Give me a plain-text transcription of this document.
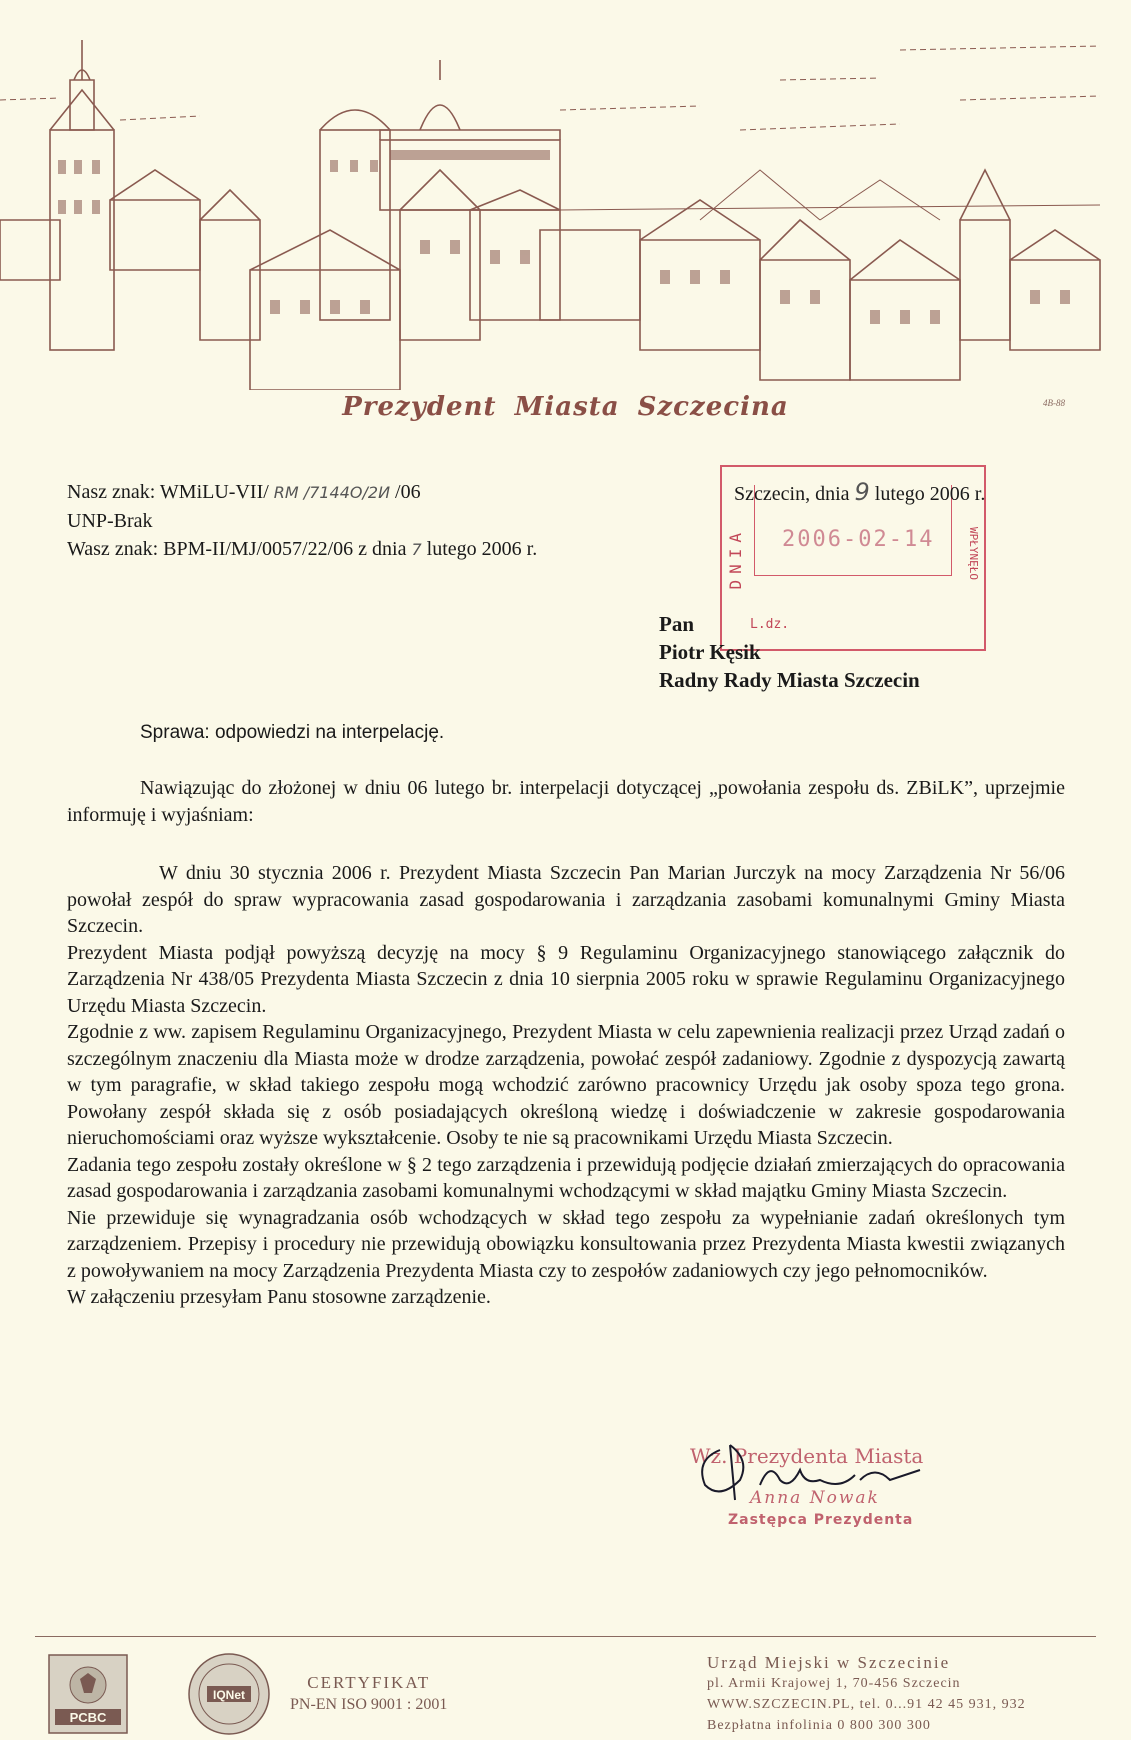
Prezydent Miasta Szczecina	4B-88
Nasz znak: WMiLU-VII/ RM /7144O/2И /06
UNP-Brak
Wasz znak: BPM-II/MJ/0057/22/06 z dnia 7 lutego 2006 r.	DNIA 2006-02-14	WPŁYNĘŁO
L.dz.
Szczecin, dnia 9 lutego 2006 r.
Pan
Piotr Kęsik
Radny Rady Miasta Szczecin
Sprawa: odpowiedzi na interpelację.

Nawiązując do złożonej w dniu 06 lutego br. interpelacji dotyczącej „powołania zespołu ds. ZBiLK”, uprzejmie informuję i wyjaśniam:

W dniu 30 stycznia 2006 r. Prezydent Miasta Szczecin Pan Marian Jurczyk na mocy Zarządzenia Nr 56/06 powołał zespół do spraw wypracowania zasad gospodarowania i zarządzania zasobami komunalnymi Gminy Miasta Szczecin.

Prezydent Miasta podjął powyższą decyzję na mocy § 9 Regulaminu Organizacyjnego stanowiącego załącznik do Zarządzenia Nr 438/05 Prezydenta Miasta Szczecin z dnia 10 sierpnia 2005 roku w sprawie Regulaminu Organizacyjnego Urzędu Miasta Szczecin.

Zgodnie z ww. zapisem Regulaminu Organizacyjnego, Prezydent Miasta w celu zapewnienia realizacji przez Urząd zadań o szczególnym znaczeniu dla Miasta może w drodze zarządzenia, powołać zespół zadaniowy. Zgodnie z dyspozycją zawartą w tym paragrafie, w skład takiego zespołu mogą wchodzić zarówno pracownicy Urzędu jak osoby spoza tego grona. Powołany zespół składa się z osób posiadających określoną wiedzę i doświadczenie w zakresie gospodarowania nieruchomościami oraz wyższe wykształcenie. Osoby te nie są pracownikami Urzędu Miasta Szczecin.

Zadania tego zespołu zostały określone w § 2 tego zarządzenia i przewidują podjęcie działań zmierzających do opracowania zasad gospodarowania i zarządzania zasobami komunalnymi wchodzącymi w skład majątku Gminy Miasta Szczecin.

Nie przewiduje się wynagradzania osób wchodzących w skład tego zespołu za wypełnianie zadań określonych tym zarządzeniem. Przepisy i procedury nie przewidują obowiązku konsultowania przez Prezydenta Miasta kwestii związanych z powoływaniem na mocy Zarządzenia Prezydenta Miasta czy to zespołów zadaniowych czy jego pełnomocników.

W załączeniu przesyłam Panu stosowne zarządzenie.

Wz. Prezydenta Miasta
Anna Nowak
Zastępca Prezydenta
PCBC
IQNet
CERTYFIKAT
PN-EN ISO 9001 : 2001
Urząd Miejski w Szczecinie
pl. Armii Krajowej 1, 70-456 Szczecin
WWW.SZCZECIN.PL, tel. 0...91 42 45 931, 932
Bezpłatna infolinia 0 800 300 300
